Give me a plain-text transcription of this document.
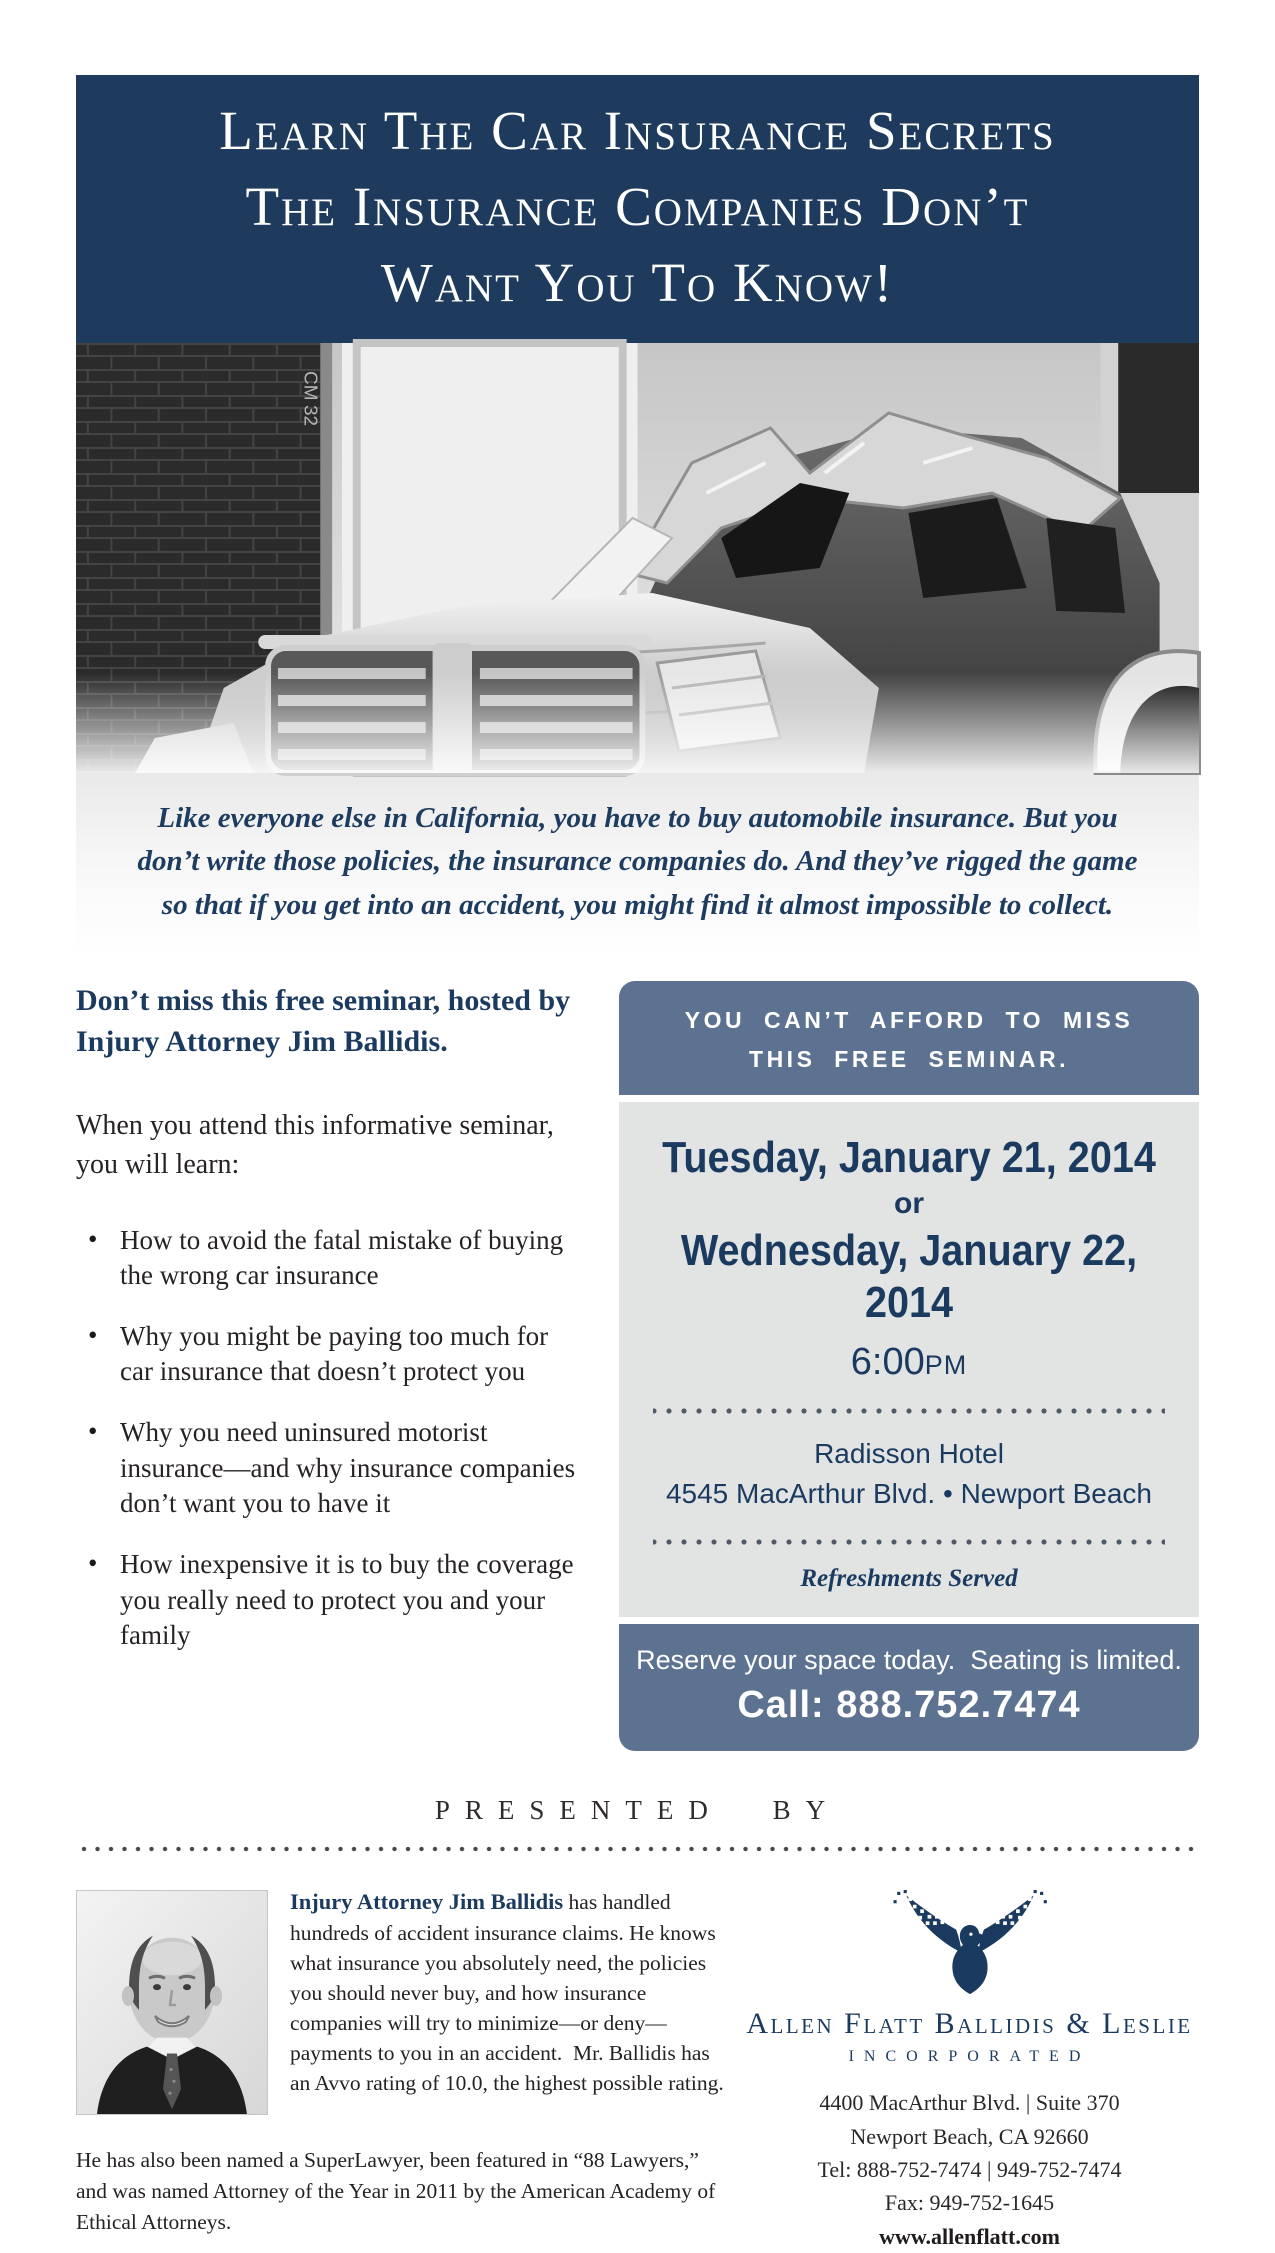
Learn The Car Insurance Secrets
The Insurance Companies Don’t
Want You To Know!
CM
32

Like everyone else in California, you have to buy automobile insurance. But you don’t write those policies, the insurance companies do. And they’ve rigged the game so that if you get into an accident, you might find it almost impossible to collect.

Don’t miss this free seminar, hosted by Injury Attorney Jim Ballidis.

When you attend this informative seminar, you will learn:

• How to avoid the fatal mistake of buying the wrong car insurance
• Why you might be paying too much for car insurance that doesn’t protect you
• Why you need uninsured motorist insurance—and why insurance companies don’t want you to have it
• How inexpensive it is to buy the coverage you really need to protect you and your family
YOU CAN’T AFFORD TO MISS
THIS FREE SEMINAR.
Tuesday, January 21, 2014
or
Wednesday, January 22, 2014
6:00PM
Radisson Hotel
4545 MacArthur Blvd. • Newport Beach
Refreshments Served
Reserve your space today.  Seating is limited.
Call: 888.752.7474
PRESENTED BY

Injury Attorney Jim Ballidis has handled hundreds of accident insurance claims. He knows what insurance you absolutely need, the policies you should never buy, and how insurance companies will try to minimize—or deny—payments to you in an accident.  Mr. Ballidis has an Avvo rating of 10.0, the highest possible rating.

He has also been named a SuperLawyer, been featured in “88 Lawyers,” and was named Attorney of the Year in 2011 by the American Academy of Ethical Attorneys.

Allen Flatt Ballidis & Leslie
INCORPORATED
4400 MacArthur Blvd. | Suite 370
Newport Beach, CA 92660
Tel: 888-752-7474 | 949-752-7474
Fax: 949-752-1645
www.allenflatt.com
